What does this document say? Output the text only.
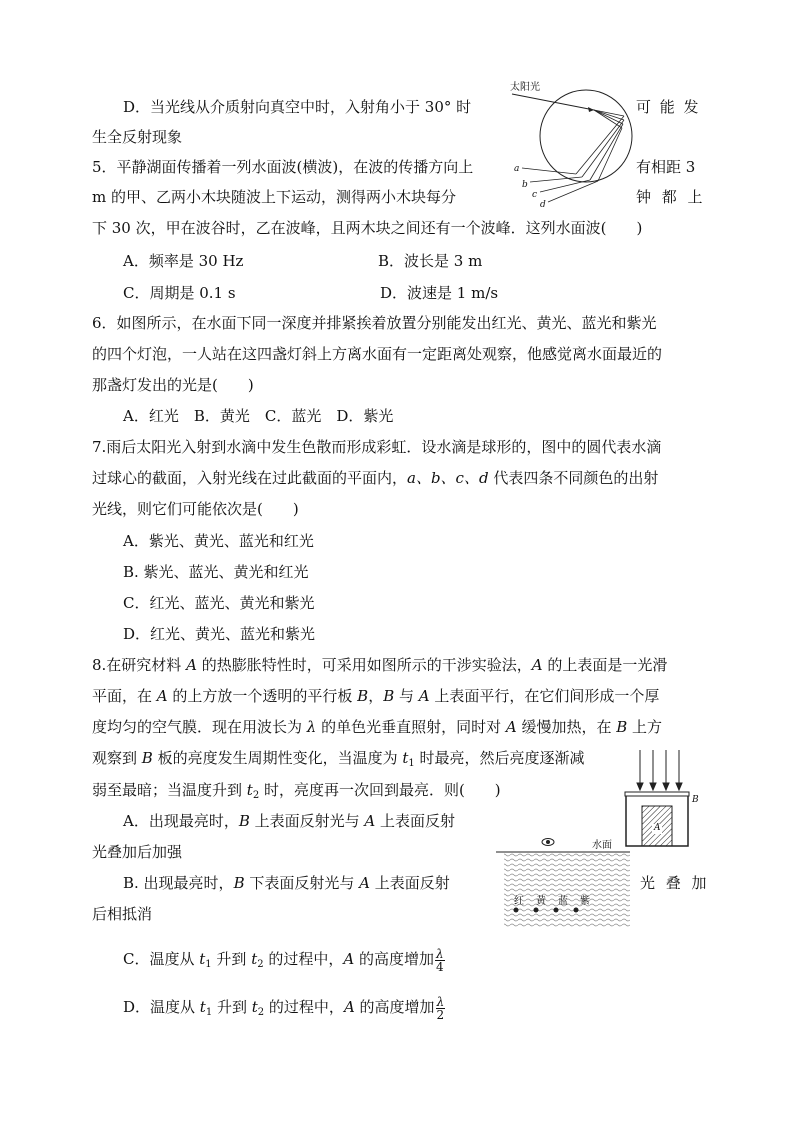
D．当光线从介质射向真空中时，入射角小于 30° 时	可 能 发
生全反射现象
5．平静湖面传播着一列水面波(横波)，在波的传播方向上	有相距 3
m 的甲、乙两小木块随波上下运动，测得两小木块每分	钟 都 上
下 30 次，甲在波谷时，乙在波峰，且两木块之间还有一个波峰．这列水面波(　　)
A．频率是 30 Hz	B．波长是 3 m
C．周期是 0.1 s	D．波速是 1 m/s
6．如图所示，在水面下同一深度并排紧挨着放置分别能发出红光、黄光、蓝光和紫光
的四个灯泡，一人站在这四盏灯斜上方离水面有一定距离处观察，他感觉离水面最近的
那盏灯发出的光是(　　)
A．红光　B．黄光　C．蓝光　D．紫光
7.雨后太阳光入射到水滴中发生色散而形成彩虹．设水滴是球形的，图中的圆代表水滴
过球心的截面，入射光线在过此截面的平面内，a、b、c、d 代表四条不同颜色的出射
光线，则它们可能依次是(　　)
A．紫光、黄光、蓝光和红光
B. 紫光、蓝光、黄光和红光
C．红光、蓝光、黄光和紫光
D．红光、黄光、蓝光和紫光
8.在研究材料 A 的热膨胀特性时，可采用如图所示的干涉实验法，A 的上表面是一光滑
平面，在 A 的上方放一个透明的平行板 B，B 与 A 上表面平行，在它们间形成一个厚
度均匀的空气膜．现在用波长为 λ 的单色光垂直照射，同时对 A 缓慢加热，在 B 上方
观察到 B 板的亮度发生周期性变化，当温度为 $t_1$ 时最亮，然后亮度逐渐减
弱至最暗；当温度升到 $t_2$ 时，亮度再一次回到最亮．则(　　)
A．出现最亮时，B 上表面反射光与 A 上表面反射
光叠加后加强
B. 出现最亮时，B 下表面反射光与 A 上表面反射	光 叠 加
后相抵消
C．温度从 $t_1$ 升到 $t_2$ 的过程中，A 的高度增加 $\frac{\lambda}{4}$
D．温度从 $t_1$ 升到 $t_2$ 的过程中，A 的高度增加 $\frac{\lambda}{2}$
太阳光
a
b
c
d
B
A
水面
红　黄　蓝　紫
